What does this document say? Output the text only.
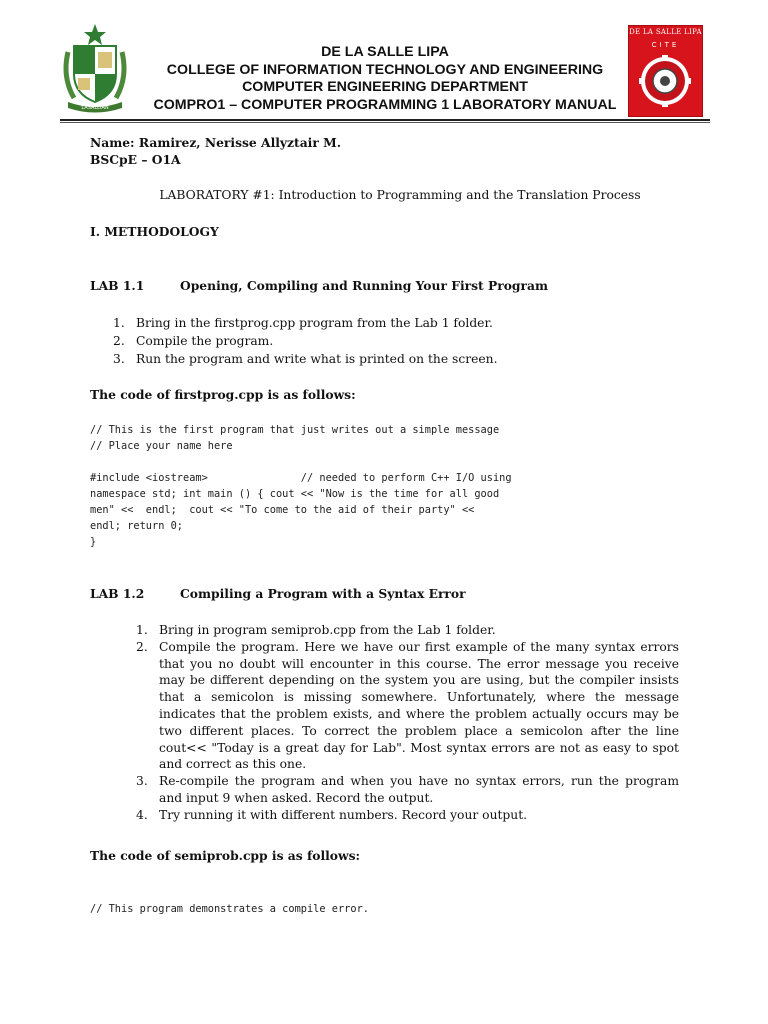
LASALLIAN
DE LA SALLE LIPA
COLLEGE OF INFORMATION TECHNOLOGY AND ENGINEERING
COMPUTER ENGINEERING DEPARTMENT
COMPRO1 – COMPUTER PROGRAMMING 1 LABORATORY MANUAL
DE LA SALLE LIPA
CITE
Name: Ramirez, Nerisse Allyztair M.
BSCpE – O1A
LABORATORY #1: Introduction to Programming and the Translation Process
I. METHODOLOGY
LAB 1.1	Opening, Compiling and Running Your First Program
1. Bring in the firstprog.cpp program from the Lab 1 folder.
2. Compile the program.
3. Run the program and write what is printed on the screen.
The code of firstprog.cpp is as follows:
// This is the first program that just writes out a simple message
// Place your name here

#include <iostream>               // needed to perform C++ I/O using
namespace std; int main () { cout << "Now is the time for all good
men" <<  endl;  cout << "To come to the aid of their party" <<
endl; return 0;
}
LAB 1.2	Compiling a Program with a Syntax Error
1. Bring in program semiprob.cpp from the Lab 1 folder.
2. Compile the program. Here we have our first example of the many syntax errors that you no doubt will encounter in this course. The error message you receive may be different depending on the system you are using, but the compiler insists that a semicolon is missing somewhere. Unfortunately, where the message indicates that the problem exists, and where the problem actually occurs may be two different places. To correct the problem place a semicolon after the line cout<< "Today is a great day for Lab". Most syntax errors are not as easy to spot and correct as this one.
3. Re-compile the program and when you have no syntax errors, run the program and input 9 when asked. Record the output.
4. Try running it with different numbers. Record your output.
The code of semiprob.cpp is as follows:
// This program demonstrates a compile error.
